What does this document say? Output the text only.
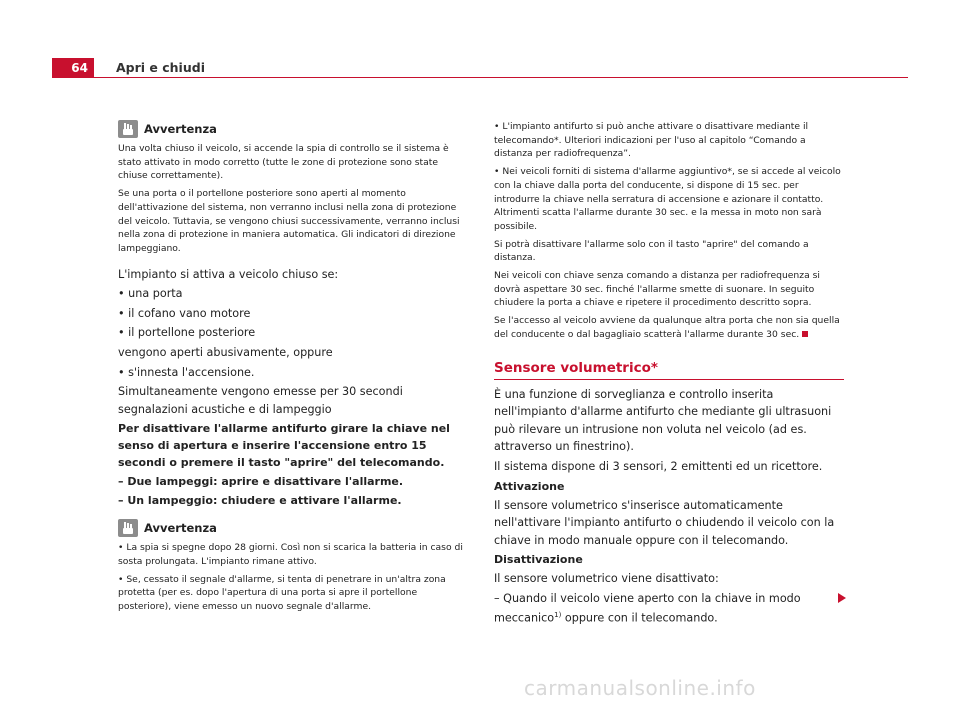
64	Apri e chiudi
Avvertenza

Una volta chiuso il veicolo, si accende la spia di controllo se il sistema è stato attivato in modo corretto (tutte le zone di protezione sono state chiuse correttamente).

Se una porta o il portellone posteriore sono aperti al momento dell'attivazione del sistema, non verranno inclusi nella zona di protezione del veicolo. Tuttavia, se vengono chiusi successivamente, verranno inclusi nella zona di protezione in maniera automatica. Gli indicatori di direzione lampeggiano.

L'impianto si attiva a veicolo chiuso se:

• una porta

• il cofano vano motore

• il portellone posteriore

vengono aperti abusivamente, oppure

• s'innesta l'accensione.

Simultaneamente vengono emesse per 30 secondi segnalazioni acustiche e di lampeggio

Per disattivare l'allarme antifurto girare la chiave nel senso di apertura e inserire l'accensione entro 15 secondi o premere il tasto "aprire" del telecomando.

– Due lampeggi: aprire e disattivare l'allarme.

– Un lampeggio: chiudere e attivare l'allarme.

Avvertenza

• La spia si spegne dopo 28 giorni. Così non si scarica la batteria in caso di sosta prolungata. L'impianto rimane attivo.

• Se, cessato il segnale d'allarme, si tenta di penetrare in un'altra zona protetta (per es. dopo l'apertura di una porta si apre il portellone posteriore), viene emesso un nuovo segnale d'allarme.

• L'impianto antifurto si può anche attivare o disattivare mediante il telecomando*. Ulteriori indicazioni per l'uso al capitolo “Comando a distanza per radiofrequenza”.

• Nei veicoli forniti di sistema d'allarme aggiuntivo*, se si accede al veicolo con la chiave dalla porta del conducente, si dispone di 15 sec. per introdurre la chiave nella serratura di accensione e azionare il contatto. Altrimenti scatta l'allarme durante 30 sec. e la messa in moto non sarà possibile.

Si potrà disattivare l'allarme solo con il tasto "aprire" del comando a distanza.

Nei veicoli con chiave senza comando a distanza per radiofrequenza si dovrà aspettare 30 sec. finché l'allarme smette di suonare. In seguito chiudere la porta a chiave e ripetere il procedimento descritto sopra.

Se l'accesso al veicolo avviene da qualunque altra porta che non sia quella del conducente o dal bagagliaio scatterà l'allarme durante 30 sec.

Sensore volumetrico*

È una funzione di sorveglianza e controllo inserita nell'impianto d'allarme antifurto che mediante gli ultrasuoni può rilevare un intrusione non voluta nel veicolo (ad es. attraverso un finestrino).

Il sistema dispone di 3 sensori, 2 emittenti ed un ricettore.

Attivazione

Il sensore volumetrico s'inserisce automaticamente nell'attivare l'impianto antifurto o chiudendo il veicolo con la chiave in modo manuale oppure con il telecomando.

Disattivazione

Il sensore volumetrico viene disattivato:

– Quando il veicolo viene aperto con la chiave in modo meccanico$^{1)}$ oppure con il telecomando.

carmanualsonline.info
